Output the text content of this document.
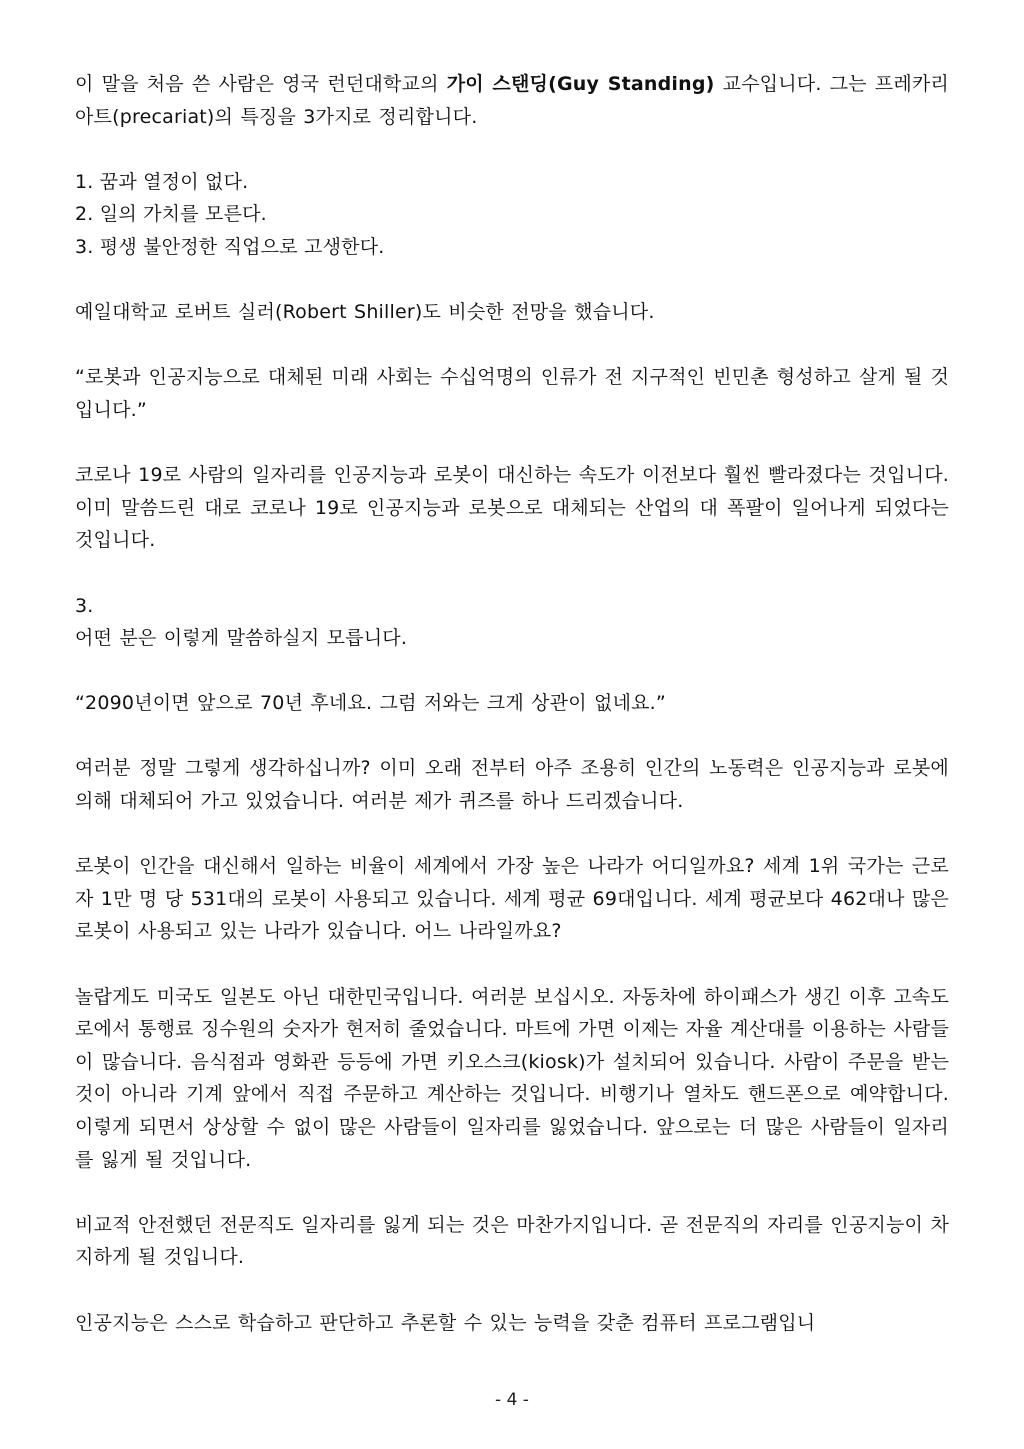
이 말을 처음 쓴 사람은 영국 런던대학교의 가이 스탠딩(Guy Standing) 교수입니다. 그는 프레카리아트(precariat)의 특징을 3가지로 정리합니다.

1. 꿈과 열정이 없다.
2. 일의 가치를 모른다.
3. 평생 불안정한 직업으로 고생한다.

예일대학교 로버트 실러(Robert Shiller)도 비슷한 전망을 했습니다.

“로봇과 인공지능으로 대체된 미래 사회는 수십억명의 인류가 전 지구적인 빈민촌 형성하고 살게 될 것입니다.”

코로나 19로 사람의 일자리를 인공지능과 로봇이 대신하는 속도가 이전보다 훨씬 빨라졌다는 것입니다. 이미 말씀드린 대로 코로나 19로 인공지능과 로봇으로 대체되는 산업의 대 폭팔이 일어나게 되었다는 것입니다.

3.

어떤 분은 이렇게 말씀하실지 모릅니다.

“2090년이면 앞으로 70년 후네요. 그럼 저와는 크게 상관이 없네요.”

여러분 정말 그렇게 생각하십니까? 이미 오래 전부터 아주 조용히 인간의 노동력은 인공지능과 로봇에 의해 대체되어 가고 있었습니다. 여러분 제가 퀴즈를 하나 드리겠습니다.

로봇이 인간을 대신해서 일하는 비율이 세계에서 가장 높은 나라가 어디일까요? 세계 1위 국가는 근로자 1만 명 당 531대의 로봇이 사용되고 있습니다. 세계 평균 69대입니다. 세계 평균보다 462대나 많은 로봇이 사용되고 있는 나라가 있습니다. 어느 나라일까요?

놀랍게도 미국도 일본도 아닌 대한민국입니다. 여러분 보십시오. 자동차에 하이패스가 생긴 이후 고속도로에서 통행료 징수원의 숫자가 현저히 줄었습니다. 마트에 가면 이제는 자율 계산대를 이용하는 사람들이 많습니다. 음식점과 영화관 등등에 가면 키오스크(kiosk)가 설치되어 있습니다. 사람이 주문을 받는 것이 아니라 기계 앞에서 직접 주문하고 계산하는 것입니다. 비행기나 열차도 핸드폰으로 예약합니다. 이렇게 되면서 상상할 수 없이 많은 사람들이 일자리를 잃었습니다. 앞으로는 더 많은 사람들이 일자리를 잃게 될 것입니다.

비교적 안전했던 전문직도 일자리를 잃게 되는 것은 마찬가지입니다. 곧 전문직의 자리를 인공지능이 차지하게 될 것입니다.

인공지능은 스스로 학습하고 판단하고 추론할 수 있는 능력을 갖춘 컴퓨터 프로그램입니

- 4 -
